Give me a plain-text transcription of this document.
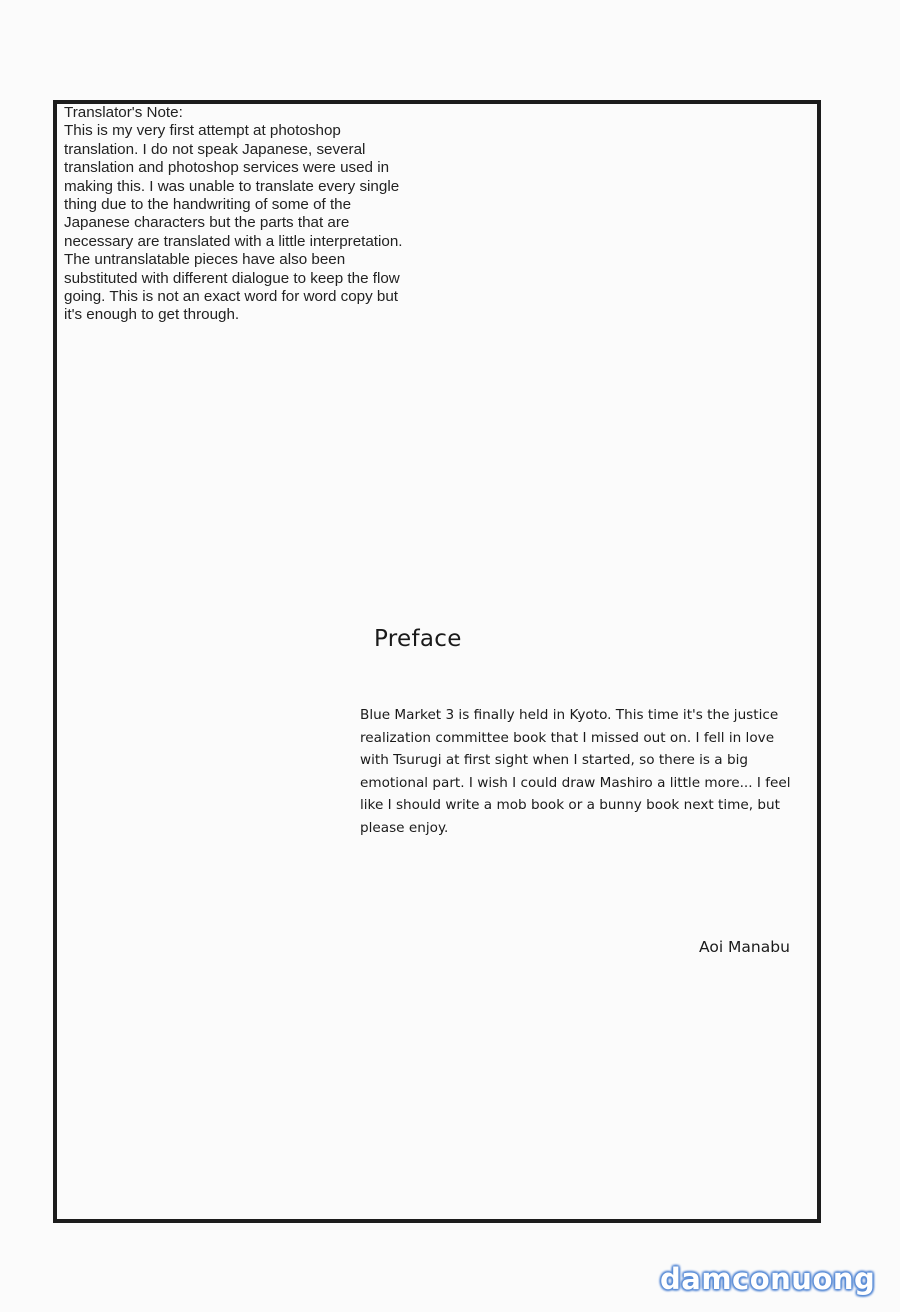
Translator's Note:
This is my very first attempt at photoshop
translation. I do not speak Japanese, several
translation and photoshop services were used in
making this. I was unable to translate every single
thing due to the handwriting of some of the
Japanese characters but the parts that are
necessary are translated with a little interpretation.
The untranslatable pieces have also been
substituted with different dialogue to keep the flow
going. This is not an exact word for word copy but
it's enough to get through.
Preface
Blue Market 3 is finally held in Kyoto. This time it's the justice
realization committee book that I missed out on. I fell in love
with Tsurugi at first sight when I started, so there is a big
emotional part. I wish I could draw Mashiro a little more... I feel
like I should write a mob book or a bunny book next time, but
please enjoy.
Aoi Manabu
damconuong
